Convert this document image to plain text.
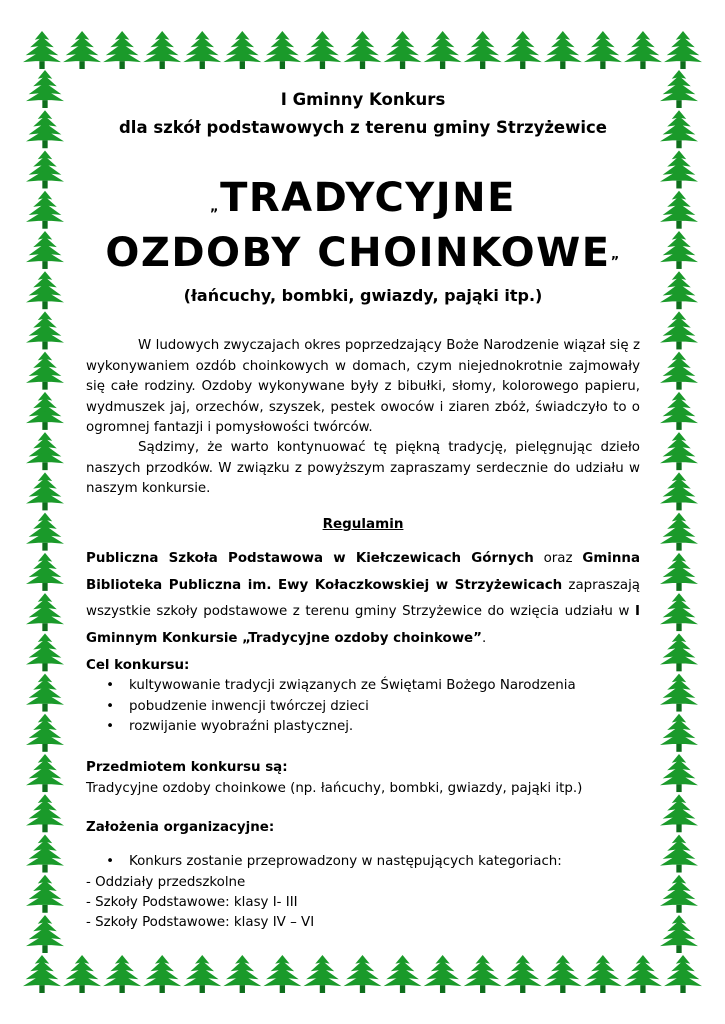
I Gminny Konkurs
dla szkół podstawowych z terenu gminy Strzyżewice
„TRADYCYJNE
OZDOBY CHOINKOWE”
(łańcuchy, bombki, gwiazdy, pająki itp.)
W ludowych zwyczajach okres poprzedzający Boże Narodzenie wiązał się z wykonywaniem ozdób choinkowych w domach, czym niejednokrotnie zajmowały się całe rodziny. Ozdoby wykonywane były z bibułki, słomy, kolorowego papieru, wydmuszek jaj, orzechów, szyszek, pestek owoców i ziaren zbóż, świadczyło to o ogromnej fantazji i pomysłowości twórców.
Sądzimy, że warto kontynuować tę piękną tradycję, pielęgnując dzieło naszych przodków. W związku z powyższym zapraszamy serdecznie do udziału w naszym konkursie.
Regulamin
Publiczna Szkoła Podstawowa w Kiełczewicach Górnych oraz Gminna Biblioteka Publiczna im. Ewy Kołaczkowskiej w Strzyżewicach zapraszają wszystkie szkoły podstawowe z terenu gminy Strzyżewice do wzięcia udziału w I Gminnym Konkursie „Tradycyjne ozdoby choinkowe”.
Cel konkursu:
•	kultywowanie tradycji związanych ze Świętami Bożego Narodzenia
•	pobudzenie inwencji twórczej dzieci
•	rozwijanie wyobraźni plastycznej.
Przedmiotem konkursu są:
Tradycyjne ozdoby choinkowe (np. łańcuchy, bombki, gwiazdy, pająki itp.)
Założenia organizacyjne:
•	Konkurs zostanie przeprowadzony w następujących kategoriach:
- Oddziały przedszkolne
- Szkoły Podstawowe: klasy I- III
- Szkoły Podstawowe: klasy IV – VI
